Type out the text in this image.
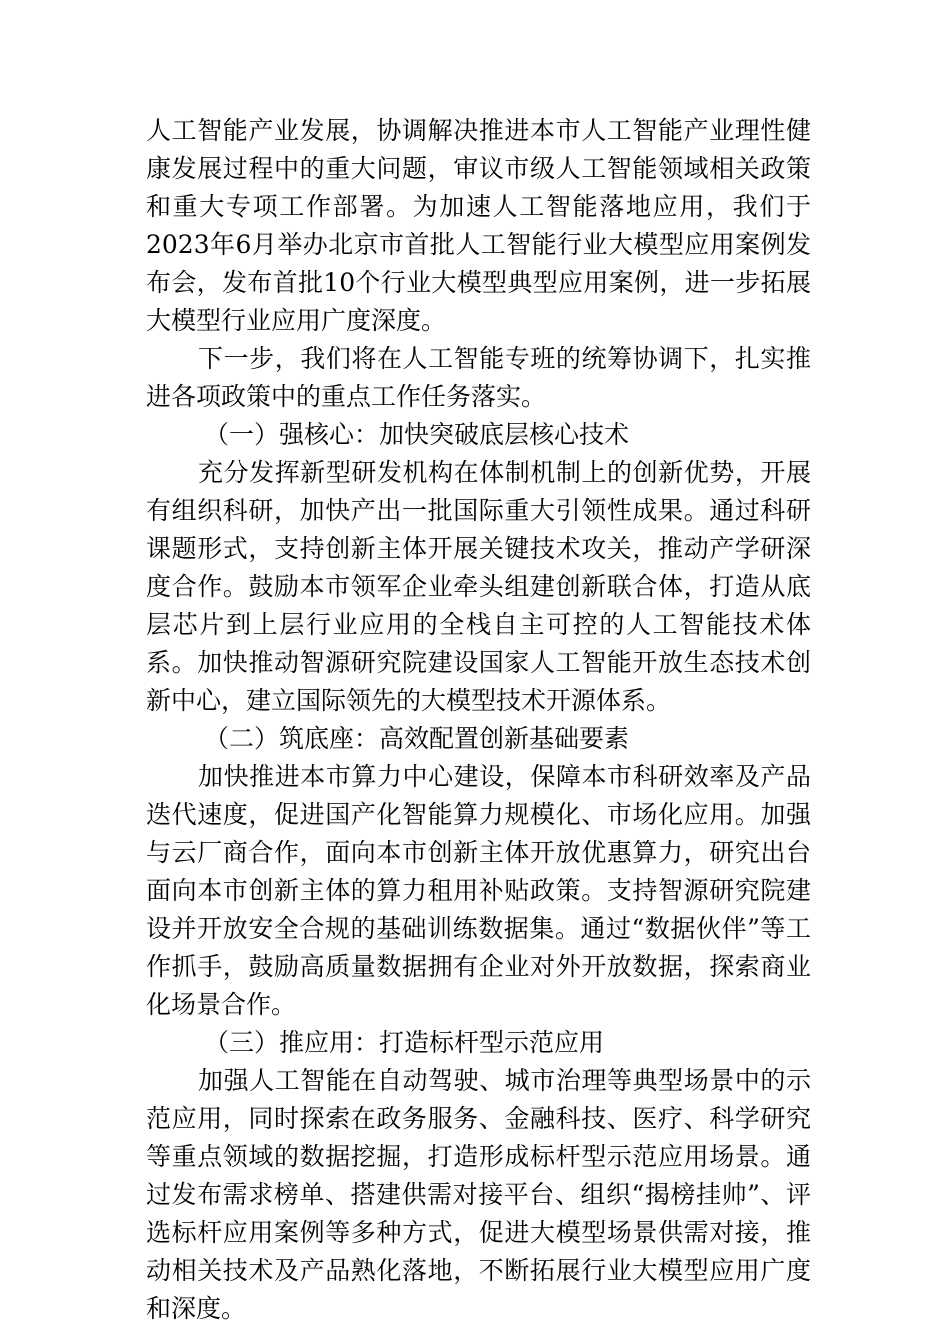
人工智能产业发展，协调解决推进本市人工智能产业理性健康发展过程中的重大问题，审议市级人工智能领域相关政策和重大专项工作部署。为加速人工智能落地应用，我们于2023年6月举办北京市首批人工智能行业大模型应用案例发布会，发布首批10个行业大模型典型应用案例，进一步拓展大模型行业应用广度深度。

下一步，我们将在人工智能专班的统筹协调下，扎实推进各项政策中的重点工作任务落实。

（一）强核心：加快突破底层核心技术

充分发挥新型研发机构在体制机制上的创新优势，开展有组织科研，加快产出一批国际重大引领性成果。通过科研课题形式，支持创新主体开展关键技术攻关，推动产学研深度合作。鼓励本市领军企业牵头组建创新联合体，打造从底层芯片到上层行业应用的全栈自主可控的人工智能技术体系。加快推动智源研究院建设国家人工智能开放生态技术创新中心，建立国际领先的大模型技术开源体系。

（二）筑底座：高效配置创新基础要素

加快推进本市算力中心建设，保障本市科研效率及产品迭代速度，促进国产化智能算力规模化、市场化应用。加强与云厂商合作，面向本市创新主体开放优惠算力，研究出台面向本市创新主体的算力租用补贴政策。支持智源研究院建设并开放安全合规的基础训练数据集。通过“数据伙伴”等工作抓手，鼓励高质量数据拥有企业对外开放数据，探索商业化场景合作。

（三）推应用：打造标杆型示范应用

加强人工智能在自动驾驶、城市治理等典型场景中的示范应用，同时探索在政务服务、金融科技、医疗、科学研究等重点领域的数据挖掘，打造形成标杆型示范应用场景。通过发布需求榜单、搭建供需对接平台、组织“揭榜挂帅”、评选标杆应用案例等多种方式，促进大模型场景供需对接，推动相关技术及产品熟化落地，不断拓展行业大模型应用广度和深度。
